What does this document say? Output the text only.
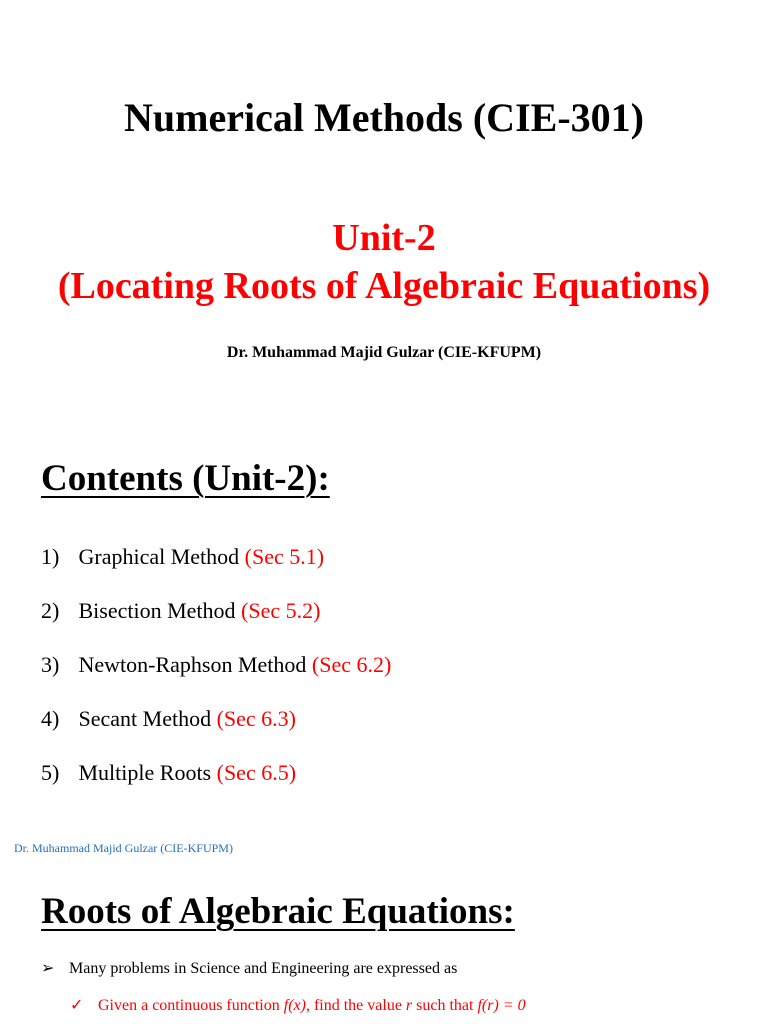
Numerical Methods (CIE-301)
Unit-2
(Locating Roots of Algebraic Equations)
Dr. Muhammad Majid Gulzar (CIE-KFUPM)
Contents (Unit-2):
1) Graphical Method (Sec 5.1)
2) Bisection Method (Sec 5.2)
3) Newton-Raphson Method (Sec 6.2)
4) Secant Method (Sec 6.3)
5) Multiple Roots (Sec 6.5)
Dr. Muhammad Majid Gulzar (CIE-KFUPM)
Roots of Algebraic Equations:
➢ Many problems in Science and Engineering are expressed as
✓ Given a continuous function f(x), find the value r such that f(r) = 0
